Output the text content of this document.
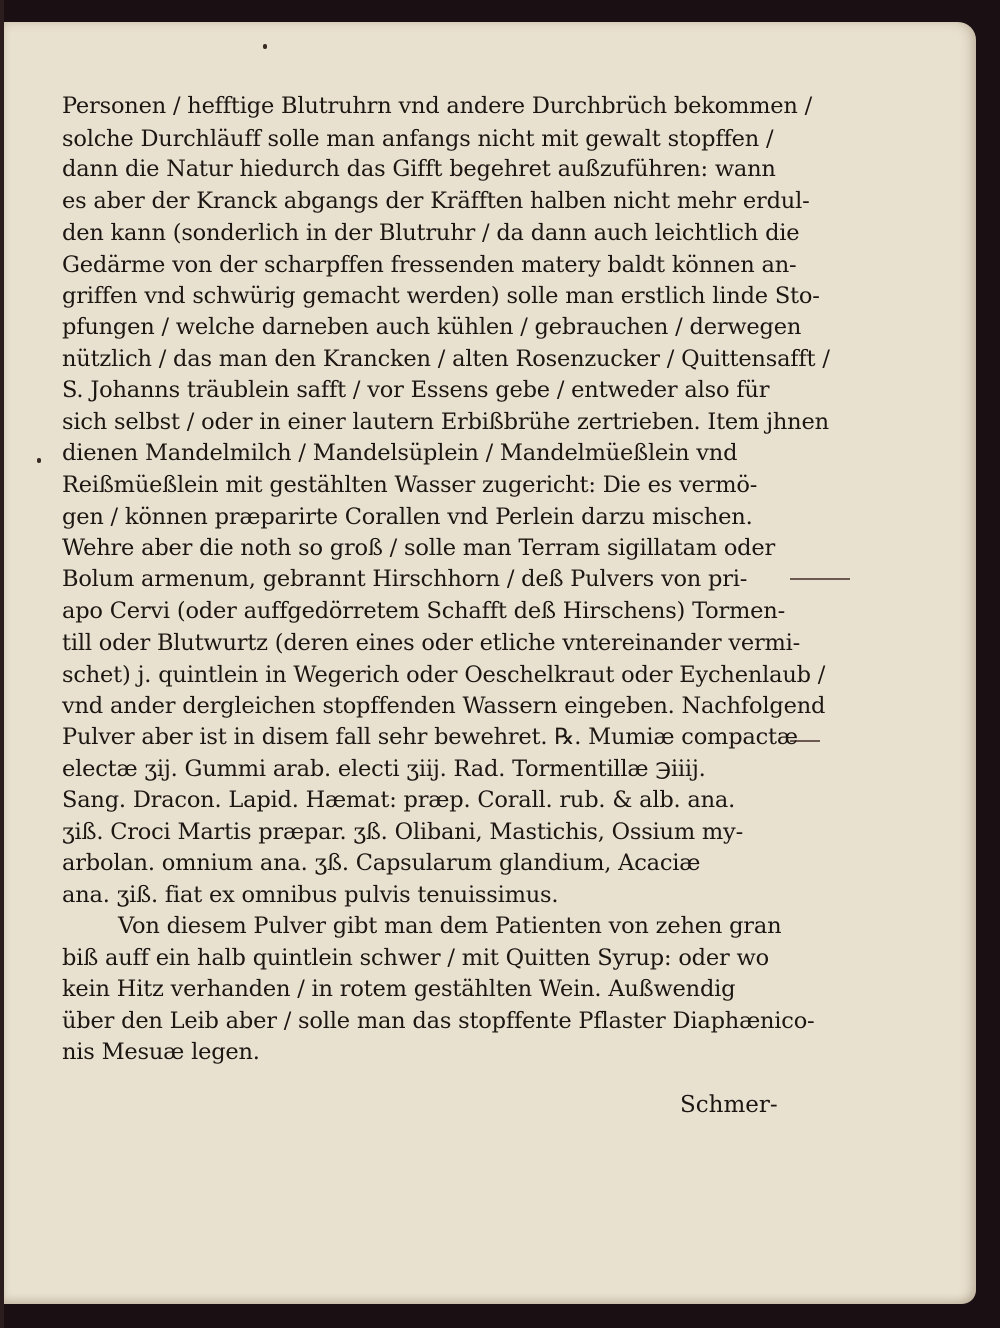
Personen / hefftige Blutruhrn vnd andere Durchbrüch bekommen /
solche Durchläuff solle man anfangs nicht mit gewalt stopffen /
dann die Natur hiedurch das Gifft begehret außzuführen: wann
es aber der Kranck abgangs der Kräfften halben nicht mehr erdul-
den kann (sonderlich in der Blutruhr / da dann auch leichtlich die
Gedärme von der scharpffen fressenden matery baldt können an-
griffen vnd schwürig gemacht werden) solle man erstlich linde Sto-
pfungen / welche darneben auch kühlen / gebrauchen / derwegen
nützlich / das man den Krancken / alten Rosenzucker / Quittensafft /
S. Johanns träublein safft / vor Essens gebe / entweder also für
sich selbst / oder in einer lautern Erbißbrühe zertrieben. Item jhnen
dienen Mandelmilch / Mandelsüplein / Mandelmüeßlein vnd
Reißmüeßlein mit gestählten Wasser zugericht: Die es vermö-
gen / können præparirte Corallen vnd Perlein darzu mischen.
Wehre aber die noth so groß / solle man Terram sigillatam oder
Bolum armenum, gebrannt Hirschhorn / deß Pulvers von pri-
apo Cervi (oder auffgedörretem Schafft deß Hirschens) Tormen-
till oder Blutwurtz (deren eines oder etliche vntereinander vermi-
schet) j. quintlein in Wegerich oder Oeschelkraut oder Eychenlaub /
vnd ander dergleichen stopffenden Wassern eingeben. Nachfolgend
Pulver aber ist in disem fall sehr bewehret. ℞. Mumiæ compactæ
electæ ʒij. Gummi arab. electi ʒiij. Rad. Tormentillæ ℈iiij.
Sang. Dracon. Lapid. Hæmat: præp. Corall. rub. & alb. ana.
ʒiß. Croci Martis præpar. ʒß. Olibani, Mastichis, Ossium my-
arbolan. omnium ana. ʒß. Capsularum glandium, Acaciæ
ana. ʒiß. fiat ex omnibus pulvis tenuissimus.
Von diesem Pulver gibt man dem Patienten von zehen gran
biß auff ein halb quintlein schwer / mit Quitten Syrup: oder wo
kein Hitz verhanden / in rotem gestählten Wein. Außwendig
über den Leib aber / solle man das stopffente Pflaster Diaphænico-
nis Mesuæ legen.
Schmer-
